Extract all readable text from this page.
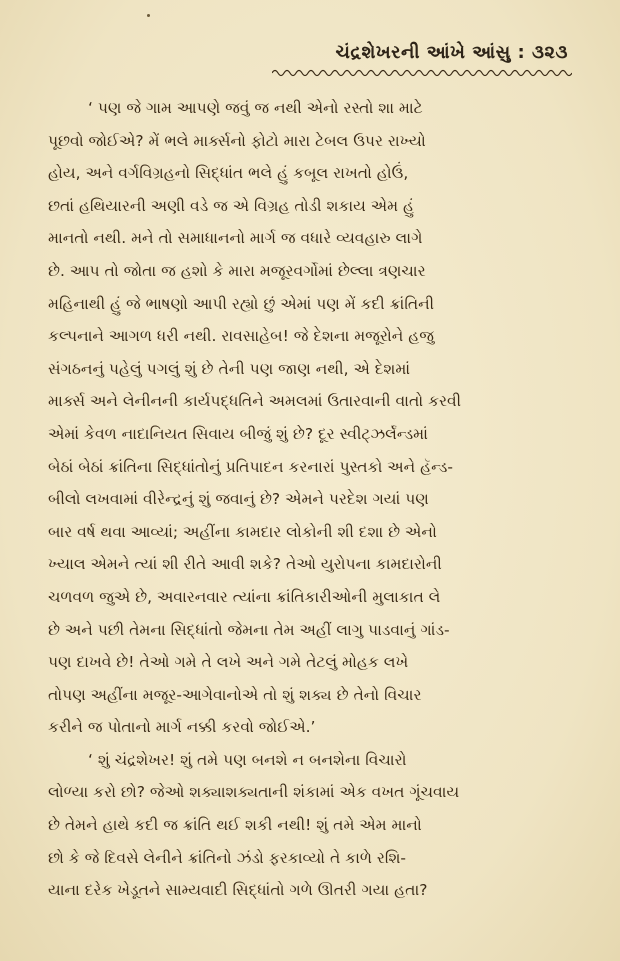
ચંદ્રશેખરની આંખે આંસુ : ૩૨૩
‘ પણ જે ગામ આપણે જવું જ નથી એનો રસ્તો શા માટે
પૂછવો જોઈએ? મેં ભલે માર્ક્સનો ફોટો મારા ટેબલ ઉપર રાખ્યો
હોય, અને વર્ગવિગ્રહનો સિદ્ધાંત ભલે હું કબૂલ રાખતો હોઉં,
છતાં હથિયારની અણી વડે જ એ વિગ્રહ તોડી શકાય એમ હું
માનતો નથી. મને તો સમાધાનનો માર્ગ જ વધારે વ્યવહારુ લાગે
છે. આપ તો જોતા જ હશો કે મારા મજૂરવર્ગોમાં છેલ્લા ત્રણચાર
મહિનાથી હું જે ભાષણો આપી રહ્યો છું એમાં પણ મેં કદી ક્રાંતિની
કલ્પનાને આગળ ધરી નથી. રાવસાહેબ! જે દેશના મજૂરોને હજુ
સંગઠનનું પહેલું પગલું શું છે તેની પણ જાણ નથી, એ દેશમાં
માર્ક્સ અને લેનીનની કાર્યપદ્ધતિને અમલમાં ઉતારવાની વાતો કરવી
એમાં કેવળ નાદાનિયત સિવાય બીજું શું છે? દૂર સ્વીટ્ઝર્લૅન્ડમાં
બેઠાં બેઠાં ક્રાંતિના સિદ્ધાંતોનું પ્રતિપાદન કરનારાં પુસ્તકો અને હૅન્ડ-
બીલો લખવામાં વીરેન્દ્રનું શું જવાનું છે? એમને પરદેશ ગયાં પણ
બાર વર્ષ થવા આવ્યાં; અહીંના કામદાર લોકોની શી દશા છે એનો
ખ્યાલ એમને ત્યાં શી રીતે આવી શકે? તેઓ યુરોપના કામદારોની
ચળવળ જુએ છે, અવારનવાર ત્યાંના ક્રાંતિકારીઓની મુલાકાત લે
છે અને પછી તેમના સિદ્ધાંતો જેમના તેમ અહીં લાગુ પાડવાનું ગાંડ-
પણ દાખવે છે! તેઓ ગમે તે લખે અને ગમે તેટલું મોહક લખે
તોપણ અહીંના મજૂર-આગેવાનોએ તો શું શક્ય છે તેનો વિચાર
કરીને જ પોતાનો માર્ગ નક્કી કરવો જોઈએ.’
‘ શું ચંદ્રશેખર! શું તમે પણ બનશે ન બનશેના વિચારો
લોળ્યા કરો છો? જેઓ શક્યાશક્યતાની શંકામાં એક વખત ગૂંચવાય
છે તેમને હાથે કદી જ ક્રાંતિ થઈ શકી નથી! શું તમે એમ માનો
છો કે જે દિવસે લેનીને ક્રાંતિનો ઝંડો ફરકાવ્યો તે કાળે રશિ-
યાના દરેક ખેડૂતને સામ્યવાદી સિદ્ધાંતો ગળે ઊતરી ગયા હતા?
